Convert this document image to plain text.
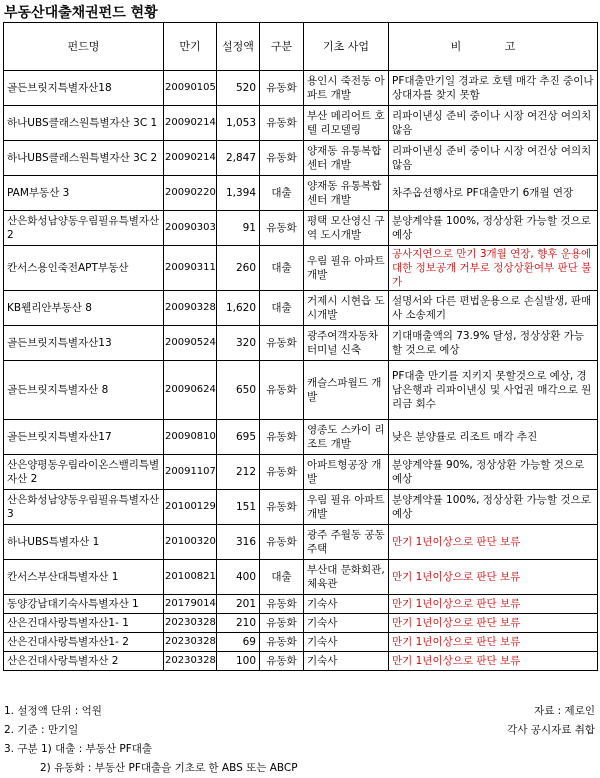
부동산대출채권펀드 현황
펀드명	만기	설정액	구분	기초 사업	비 고
골든브릿지특별자산18	20090105	520	유동화	용인시 죽전동 아파트 개발	PF대출만기일 경과로 호텔 매각 추진 중이나 상대자를 찾지 못함
하나UBS클래스원특별자산 3C 1	20090214	1,053	유동화	부산 메리어트 호텔 리모델링	리파이낸싱 준비 중이나 시장 여건상 여의치 않음
하나UBS클래스원특별자산 3C 2	20090214	2,847	유동화	양재동 유통복합센터 개발	리파이낸싱 준비 중이나 시장 여건상 여의치 않음
PAM부동산 3	20090220	1,394	대출	양재동 유통복합센터 개발	차주옵션행사로 PF대출만기 6개월 연장
산은화성남양동우림필유특별자산 2	20090303	91	유동화	평택 모산영신 구역 도시개발	분양계약률 100%, 정상상환 가능할 것으로 예상
칸서스용인죽전APT부동산	20090311	260	대출	우림 필유 아파트 개발	공사지연으로 만기 3개월 연장, 향후 운용에 대한 정보공개 거부로 정상상환여부 판단 불가
KB웰리안부동산 8	20090328	1,620	대출	거제시 시현읍 도시개발	설명서와 다른 편법운용으로 손실발생, 판매사 소송제기
골든브릿지특별자산13	20090524	320	유동화	광주여객자동차터미널 신축	기대매출액의 73.9% 달성, 정상상환 가능할 것으로 예상
골든브릿지특별자산 8	20090624	650	유동화	캐슬스파월드 개발	PF대출 만기를 지키지 못할것으로 예상, 경남은행과 리파이낸싱 및 사업권 매각으로 원리금 회수
골든브릿지특별자산17	20090810	695	유동화	영종도 스카이 리조트 개발	낮은 분양률로 리조트 매각 추진
산은양평동우림라이온스밸리특별자산 2	20091107	212	유동화	아파트형공장 개발	분양계약률 90%, 정상상환 가능할 것으로 예상
산은화성남양동우림필유특별자산 3	20100129	151	유동화	우림 필유 아파트 개발	분양계약률 100%, 정상상환 가능할 것으로 예상
하나UBS특별자산 1	20100320	316	유동화	광주 주월동 공동주택	만기 1년이상으로 판단 보류
칸서스부산대특별자산 1	20100821	400	대출	부산대 문화회관, 체육관	만기 1년이상으로 판단 보류
동양강남대기숙사특별자산 1	20179014	201	유동화	기숙사	만기 1년이상으로 판단 보류
산은건대사랑특별자산1- 1	20230328	210	유동화	기숙사	만기 1년이상으로 판단 보류
산은건대사랑특별자산1- 2	20230328	69	유동화	기숙사	만기 1년이상으로 판단 보류
산은건대사랑특별자산 2	20230328	100	유동화	기숙사	만기 1년이상으로 판단 보류
1. 설정액 단위 : 억원
2. 기준 : 만기일
3. 구분 1) 대출 : 부동산 PF대출
2) 유동화 : 부동산 PF대출을 기초로 한 ABS 또는 ABCP
자료 : 제로인
각사 공시자료 취합
